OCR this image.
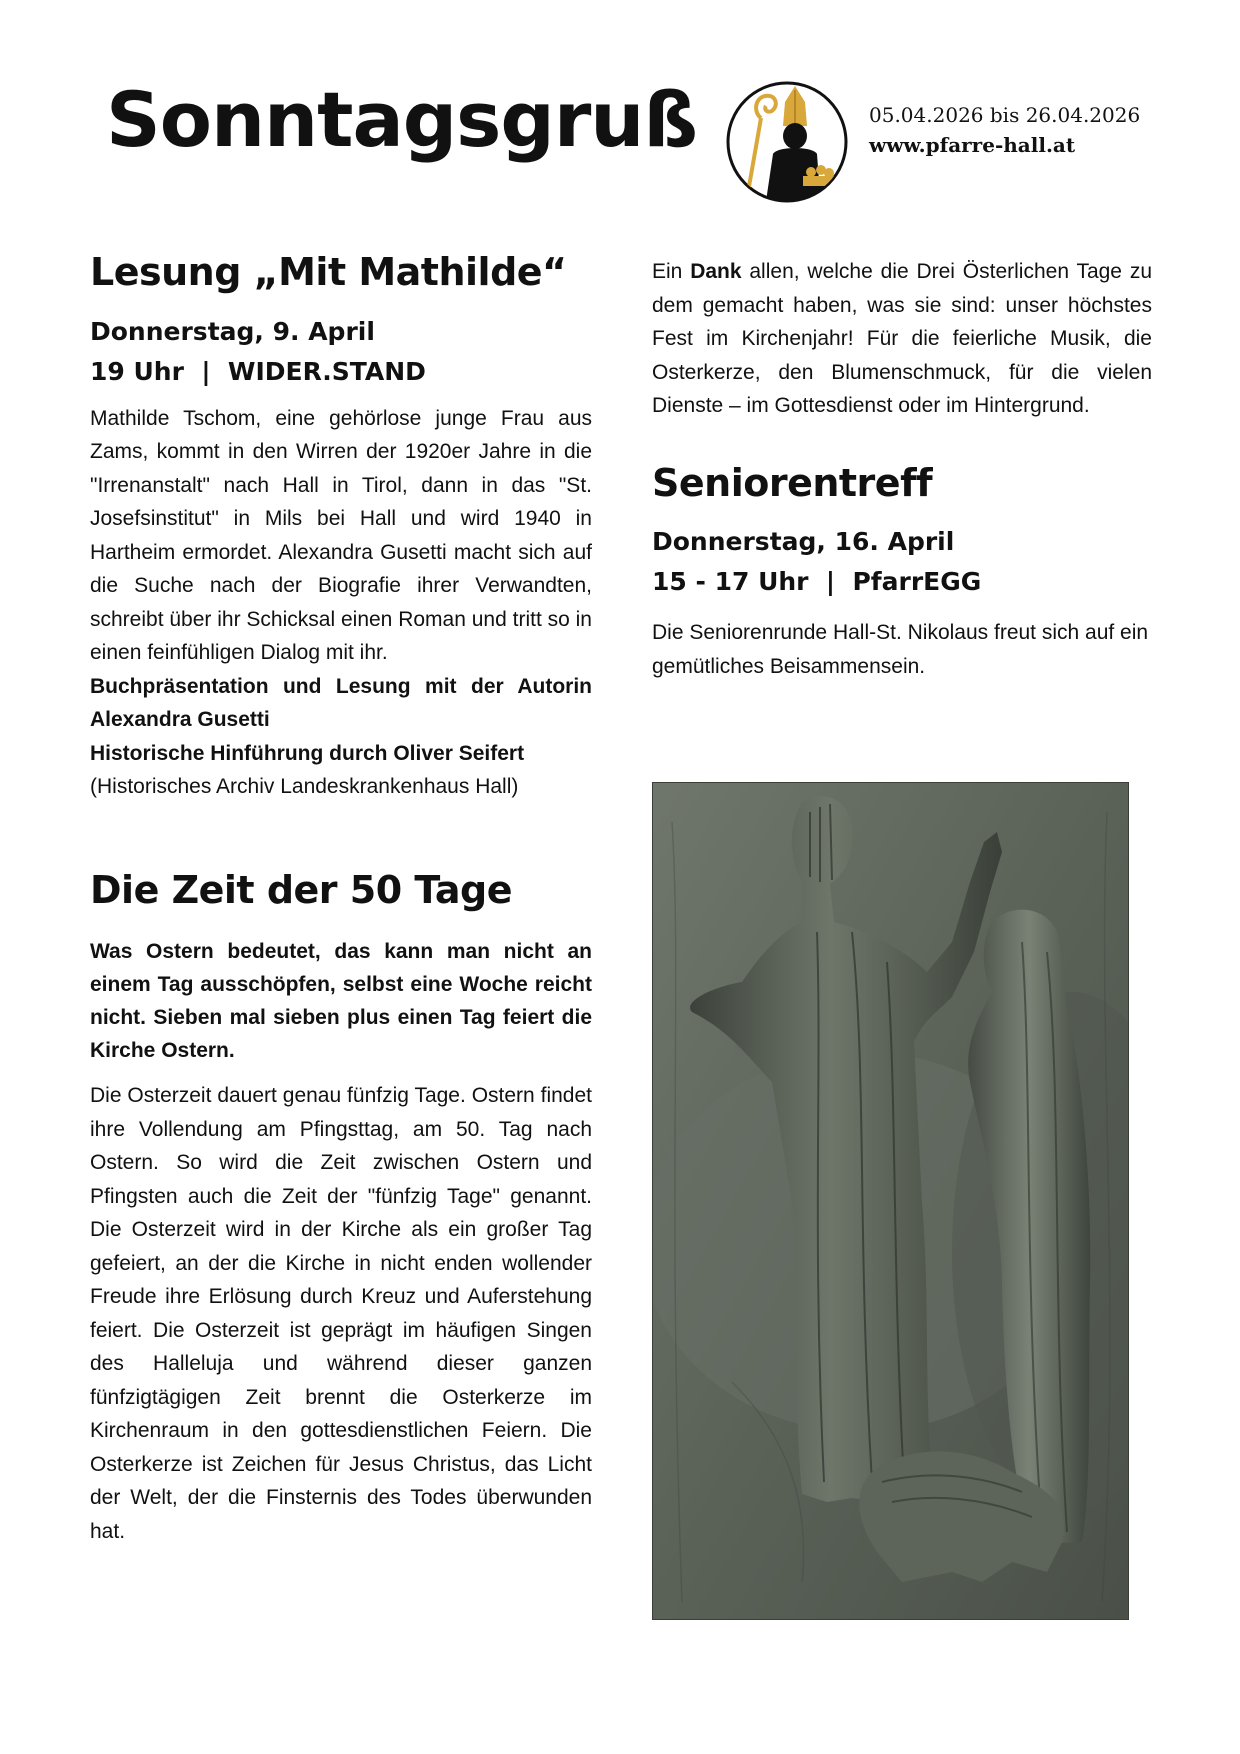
Sonntagsgruß	05.04.2026 bis 26.04.2026
www.pfarre-hall.at
Lesung „Mit Mathilde“

Donnerstag, 9. April

19 Uhr  |  WIDER.STAND

Mathilde Tschom, eine gehörlose junge Frau aus Zams, kommt in den Wirren der 1920er Jahre in die "Irrenanstalt" nach Hall in Tirol, dann in das "St. Josefsinstitut" in Mils bei Hall und wird 1940 in Hartheim ermordet. Alexandra Gusetti macht sich auf die Suche nach der Biografie ihrer Verwandten, schreibt über ihr Schicksal einen Roman und tritt so in einen feinfühligen Dialog mit ihr.

Buchpräsentation und Lesung mit der Autorin Alexandra Gusetti

Historische Hinführung durch Oliver Seifert

(Historisches Archiv Landeskrankenhaus Hall)

Die Zeit der 50 Tage

Was Ostern bedeutet, das kann man nicht an einem Tag ausschöpfen, selbst eine Woche reicht nicht. Sieben mal sieben plus einen Tag feiert die Kirche Ostern.

Die Osterzeit dauert genau fünfzig Tage. Ostern findet ihre Vollendung am Pfingsttag, am 50. Tag nach Ostern. So wird die Zeit zwischen Ostern und Pfingsten auch die Zeit der "fünfzig Tage" genannt. Die Osterzeit wird in der Kirche als ein großer Tag gefeiert, an der die Kirche in nicht enden wollender Freude ihre Erlösung durch Kreuz und Auferstehung feiert. Die Osterzeit ist geprägt im häufigen Singen des Halleluja und während dieser ganzen fünfzigtägigen Zeit brennt die Osterkerze im Kirchenraum in den gottesdienstlichen Feiern. Die Osterkerze ist Zeichen für Jesus Christus, das Licht der Welt, der die Finsternis des Todes überwunden hat.

Ein Dank allen, welche die Drei Österlichen Tage zu dem gemacht haben, was sie sind: unser höchstes Fest im Kirchenjahr! Für die feierliche Musik, die Osterkerze, den Blumenschmuck, für die vielen Dienste – im Gottesdienst oder im Hintergrund.

Seniorentreff

Donnerstag, 16. April

15 - 17 Uhr  |  PfarrEGG

Die Seniorenrunde Hall-St. Nikolaus freut sich auf ein gemütliches Beisammensein.
